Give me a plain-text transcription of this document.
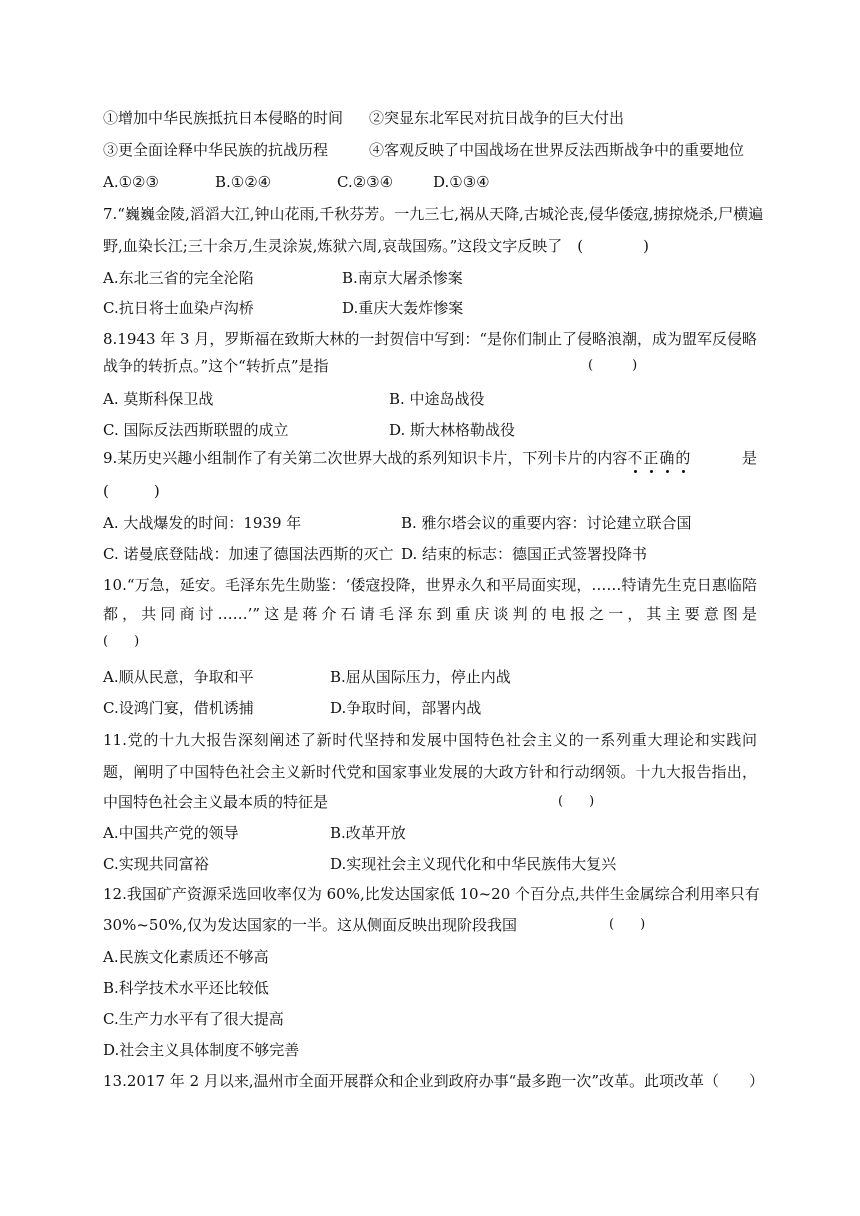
①增加中华民族抵抗日本侵略的时间 ②突显东北军民对抗日战争的巨大付出
③更全面诠释中华民族的抗战历程	④客观反映了中国战场在世界反法西斯战争中的重要地位
A.①②③	B.①②④	C.②③④	D.①③④
7.“巍巍金陵,滔滔大江,钟山花雨,千秋芬芳。一九三七,祸从天降,古城沦丧,侵华倭寇,掳掠烧杀,尸横遍
野,血染长江;三十余万,生灵涂炭,炼狱六周,哀哉国殇。”这段文字反映了　(　　　　)
A.东北三省的完全沦陷	B.南京大屠杀惨案
C.抗日将士血染卢沟桥	D.重庆大轰炸惨案
8.1943 年 3 月，罗斯福在致斯大林的一封贺信中写到：“是你们制止了侵略浪潮，成为盟军反侵略
战争的转折点。”这个“转折点”是指	(　　　)
A. 莫斯科保卫战	B. 中途岛战役
C. 国际反法西斯联盟的成立	D. 斯大林格勒战役
9.某历史兴趣小组制作了有关第二次世界大战的系列知识卡片，下列卡片的内容不正确的	是
(　　　)
A. 大战爆发的时间：1939 年	B. 雅尔塔会议的重要内容：讨论建立联合国
C. 诺曼底登陆战：加速了德国法西斯的灭亡 D. 结束的标志：德国正式签署投降书
10.“万急，延安。毛泽东先生勋鉴：‘倭寇投降，世界永久和平局面实现，……特请先生克日惠临陪
都，共同商讨……’”这是蒋介石请毛泽东到重庆谈判的电报之一，其主要意图是
(　　)
A.顺从民意，争取和平	B.屈从国际压力，停止内战
C.设鸿门宴，借机诱捕	D.争取时间，部署内战
11.党的十九大报告深刻阐述了新时代坚持和发展中国特色社会主义的一系列重大理论和实践问
题，阐明了中国特色社会主义新时代党和国家事业发展的大政方针和行动纲领。十九大报告指出，
中国特色社会主义最本质的特征是	(　　)
A.中国共产党的领导	B.改革开放
C.实现共同富裕	D.实现社会主义现代化和中华民族伟大复兴
12.我国矿产资源采选回收率仅为 60%,比发达国家低 10~20 个百分点,共伴生金属综合利用率只有
30%~50%,仅为发达国家的一半。这从侧面反映出现阶段我国	(　　)
A.民族文化素质还不够高
B.科学技术水平还比较低
C.生产力水平有了很大提高
D.社会主义具体制度不够完善
13.2017 年 2 月以来,温州市全面开展群众和企业到政府办事“最多跑一次”改革。此项改革（　　）
